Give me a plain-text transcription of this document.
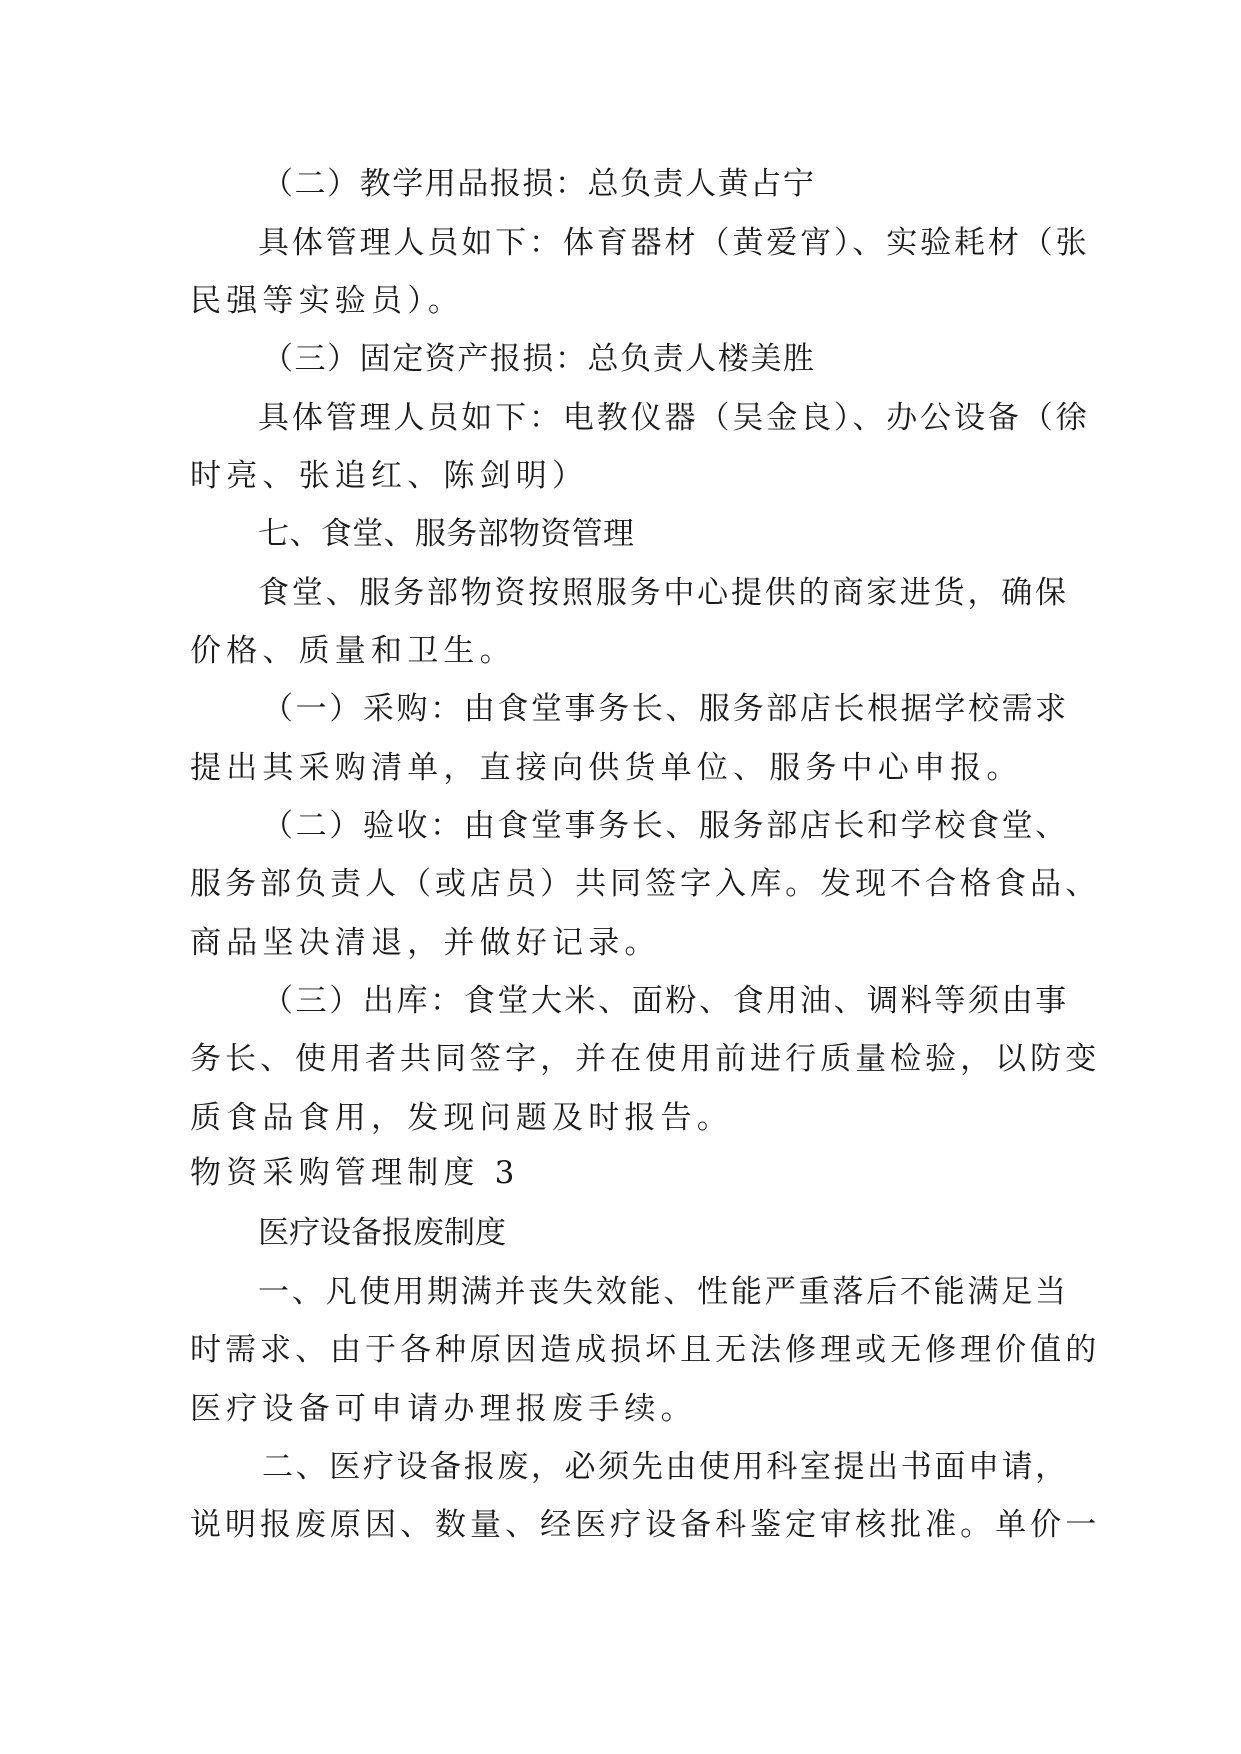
（二）教学用品报损：总负责人黄占宁
具体管理人员如下：体育器材（黄爱宵）、实验耗材（张
民强等实验员）。
（三）固定资产报损：总负责人楼美胜
具体管理人员如下：电教仪器（吴金良）、办公设备（徐
时亮、张追红、陈剑明）
七、食堂、服务部物资管理
食堂、服务部物资按照服务中心提供的商家进货，确保
价格、质量和卫生。
（一）采购：由食堂事务长、服务部店长根据学校需求
提出其采购清单，直接向供货单位、服务中心申报。
（二）验收：由食堂事务长、服务部店长和学校食堂、
服务部负责人（或店员）共同签字入库。发现不合格食品、
商品坚决清退，并做好记录。
（三）出库：食堂大米、面粉、食用油、调料等须由事
务长、使用者共同签字，并在使用前进行质量检验，以防变
质食品食用，发现问题及时报告。
物资采购管理制度 3
医疗设备报废制度
一、凡使用期满并丧失效能、性能严重落后不能满足当
时需求、由于各种原因造成损坏且无法修理或无修理价值的
医疗设备可申请办理报废手续。
二、医疗设备报废，必须先由使用科室提出书面申请，
说明报废原因、数量、经医疗设备科鉴定审核批准。单价一
